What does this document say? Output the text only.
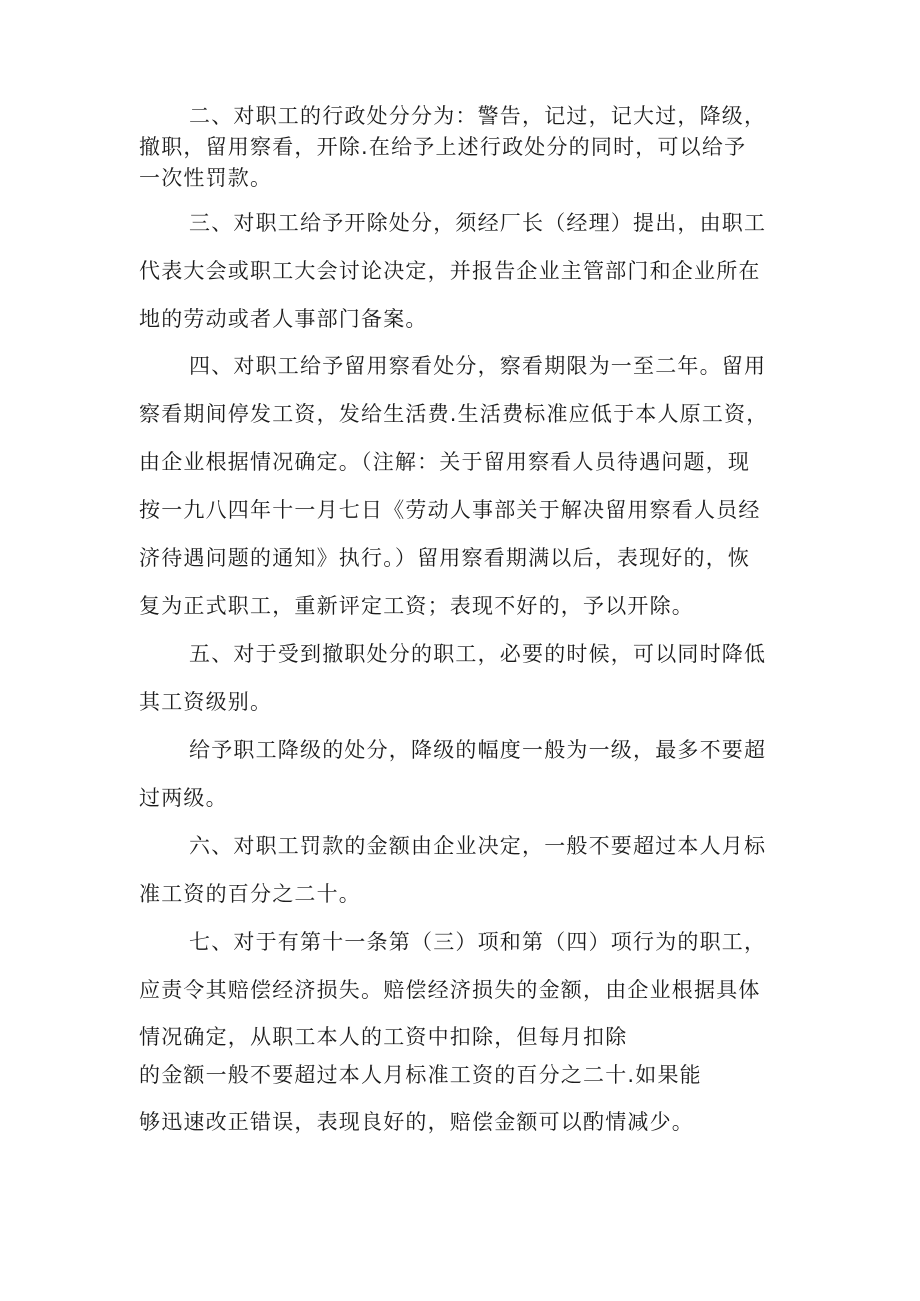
二、对职工的行政处分分为：警告，记过，记大过，降级，
撤职，留用察看，开除.在给予上述行政处分的同时，可以给予
一次性罚款。
三、对职工给予开除处分，须经厂长（经理）提出，由职工
代表大会或职工大会讨论决定，并报告企业主管部门和企业所在
地的劳动或者人事部门备案。
四、对职工给予留用察看处分，察看期限为一至二年。留用
察看期间停发工资，发给生活费.生活费标准应低于本人原工资，
由企业根据情况确定。（注解：关于留用察看人员待遇问题，现
按一九八四年十一月七日《劳动人事部关于解决留用察看人员经
济待遇问题的通知》执行。）留用察看期满以后，表现好的，恢
复为正式职工，重新评定工资；表现不好的，予以开除。
五、对于受到撤职处分的职工，必要的时候，可以同时降低
其工资级别。
给予职工降级的处分，降级的幅度一般为一级，最多不要超
过两级。
六、对职工罚款的金额由企业决定，一般不要超过本人月标
准工资的百分之二十。
七、对于有第十一条第（三）项和第（四）项行为的职工，
应责令其赔偿经济损失。赔偿经济损失的金额，由企业根据具体
情况确定，从职工本人的工资中扣除，但每月扣除
的金额一般不要超过本人月标准工资的百分之二十.如果能
够迅速改正错误，表现良好的，赔偿金额可以酌情减少。
